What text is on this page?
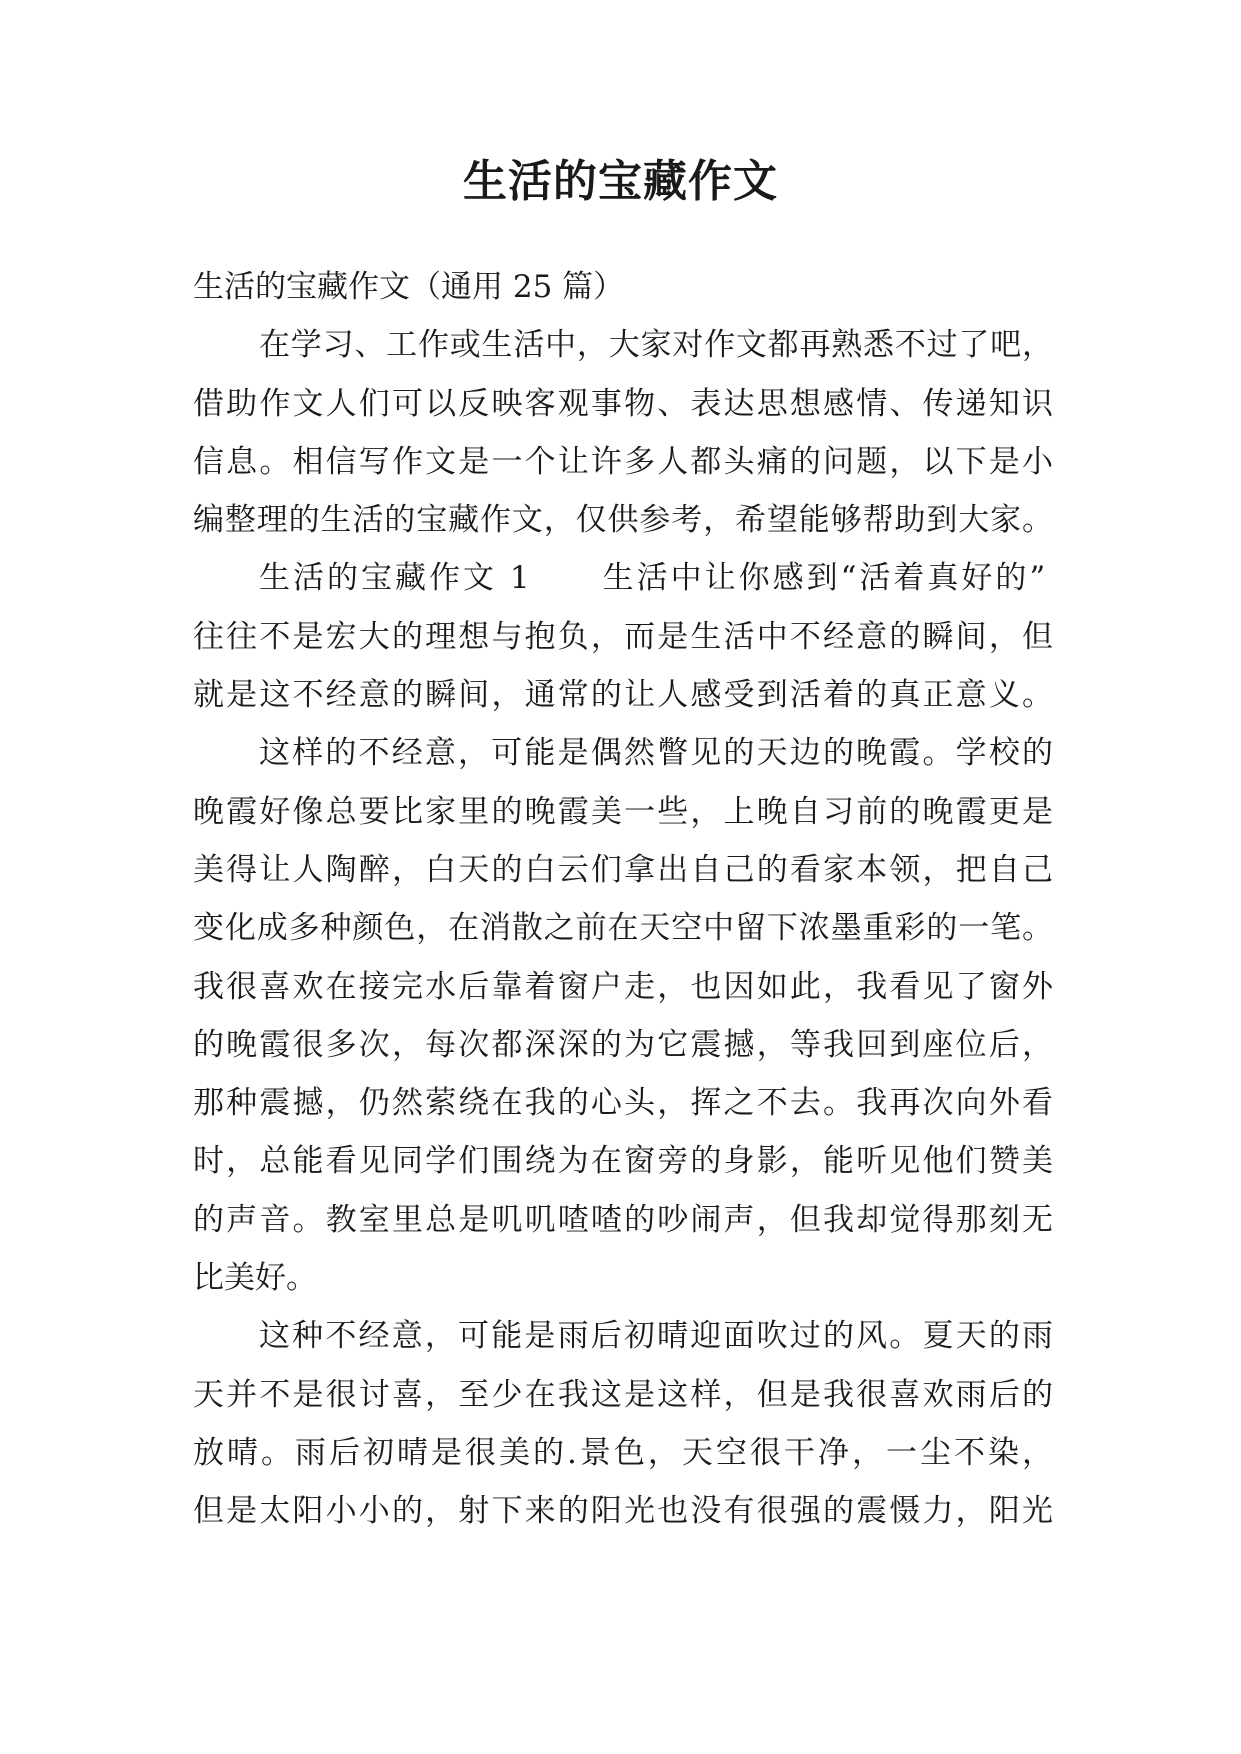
生活的宝藏作文
生活的宝藏作文（通用 25 篇）
在学习、工作或生活中，大家对作文都再熟悉不过了吧，
借助作文人们可以反映客观事物、表达思想感情、传递知识
信息。相信写作文是一个让许多人都头痛的问题，以下是小
编整理的生活的宝藏作文，仅供参考，希望能够帮助到大家。
生活的宝藏作文 1 生活中让你感到“活着真好的”
往往不是宏大的理想与抱负，而是生活中不经意的瞬间，但
就是这不经意的瞬间，通常的让人感受到活着的真正意义。
这样的不经意，可能是偶然瞥见的天边的晚霞。学校的
晚霞好像总要比家里的晚霞美一些，上晚自习前的晚霞更是
美得让人陶醉，白天的白云们拿出自己的看家本领，把自己
变化成多种颜色，在消散之前在天空中留下浓墨重彩的一笔。
我很喜欢在接完水后靠着窗户走，也因如此，我看见了窗外
的晚霞很多次，每次都深深的为它震撼，等我回到座位后，
那种震撼，仍然萦绕在我的心头，挥之不去。我再次向外看
时，总能看见同学们围绕为在窗旁的身影，能听见他们赞美
的声音。教室里总是叽叽喳喳的吵闹声，但我却觉得那刻无
比美好。
这种不经意，可能是雨后初晴迎面吹过的风。夏天的雨
天并不是很讨喜，至少在我这是这样，但是我很喜欢雨后的
放晴。雨后初晴是很美的.景色，天空很干净，一尘不染，
但是太阳小小的，射下来的阳光也没有很强的震慑力，阳光
